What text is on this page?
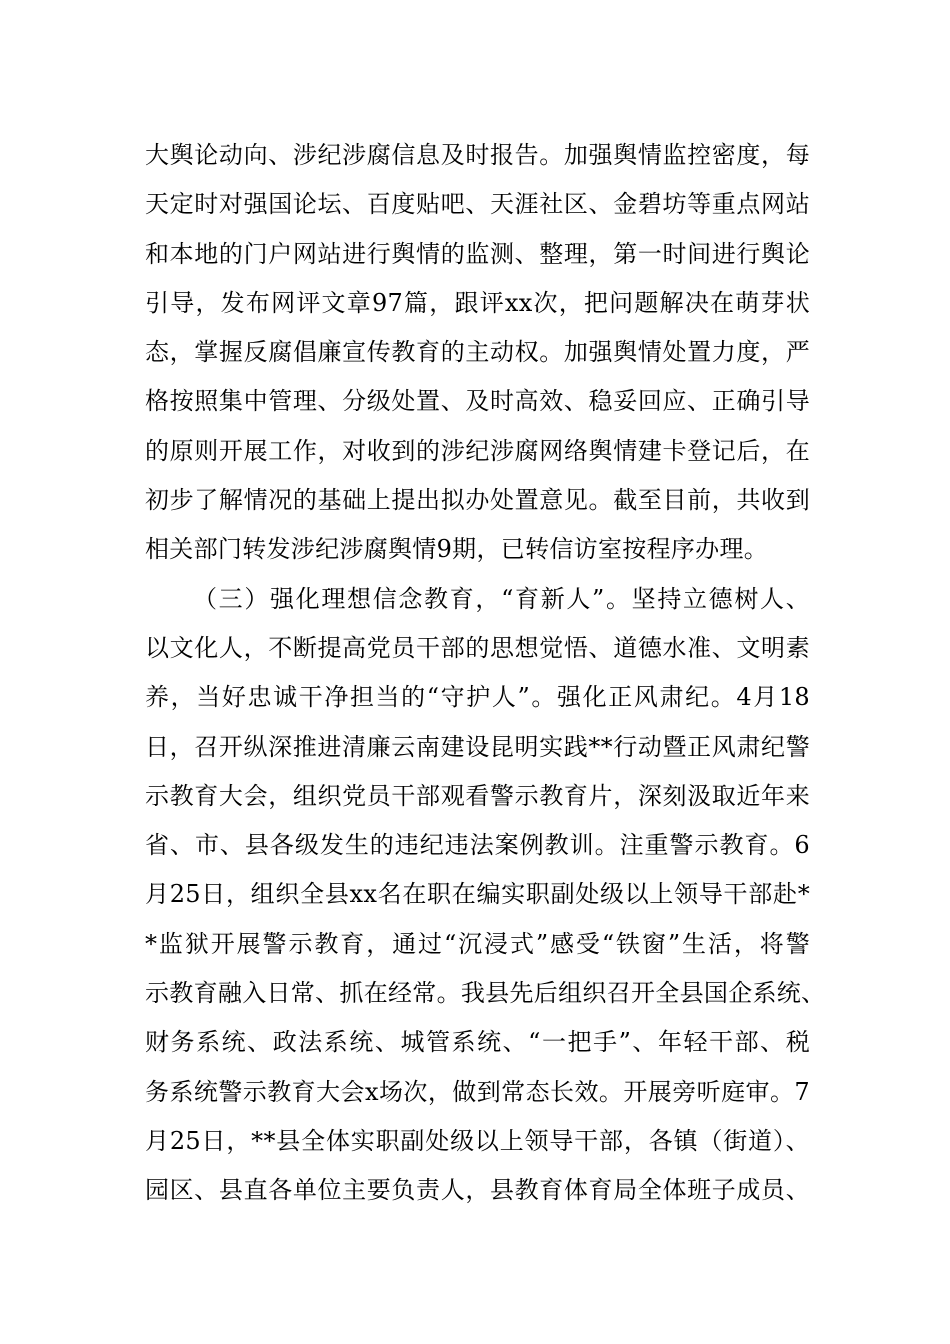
大舆论动向、涉纪涉腐信息及时报告。加强舆情监控密度，每
天定时对强国论坛、百度贴吧、天涯社区、金碧坊等重点网站
和本地的门户网站进行舆情的监测、整理，第一时间进行舆论
引导，发布网评文章97篇，跟评xx次，把问题解决在萌芽状
态，掌握反腐倡廉宣传教育的主动权。加强舆情处置力度，严
格按照集中管理、分级处置、及时高效、稳妥回应、正确引导
的原则开展工作，对收到的涉纪涉腐网络舆情建卡登记后，在
初步了解情况的基础上提出拟办处置意见。截至目前，共收到
相关部门转发涉纪涉腐舆情9期，已转信访室按程序办理。
（三）强化理想信念教育，“育新人”。坚持立德树人、
以文化人，不断提高党员干部的思想觉悟、道德水准、文明素
养，当好忠诚干净担当的“守护人”。强化正风肃纪。4月18
日，召开纵深推进清廉云南建设昆明实践**行动暨正风肃纪警
示教育大会，组织党员干部观看警示教育片，深刻汲取近年来
省、市、县各级发生的违纪违法案例教训。注重警示教育。6
月25日，组织全县xx名在职在编实职副处级以上领导干部赴*
*监狱开展警示教育，通过“沉浸式”感受“铁窗”生活，将警
示教育融入日常、抓在经常。我县先后组织召开全县国企系统、
财务系统、政法系统、城管系统、“一把手”、年轻干部、税
务系统警示教育大会x场次，做到常态长效。开展旁听庭审。7
月25日，**县全体实职副处级以上领导干部，各镇（街道）、
园区、县直各单位主要负责人，县教育体育局全体班子成员、
